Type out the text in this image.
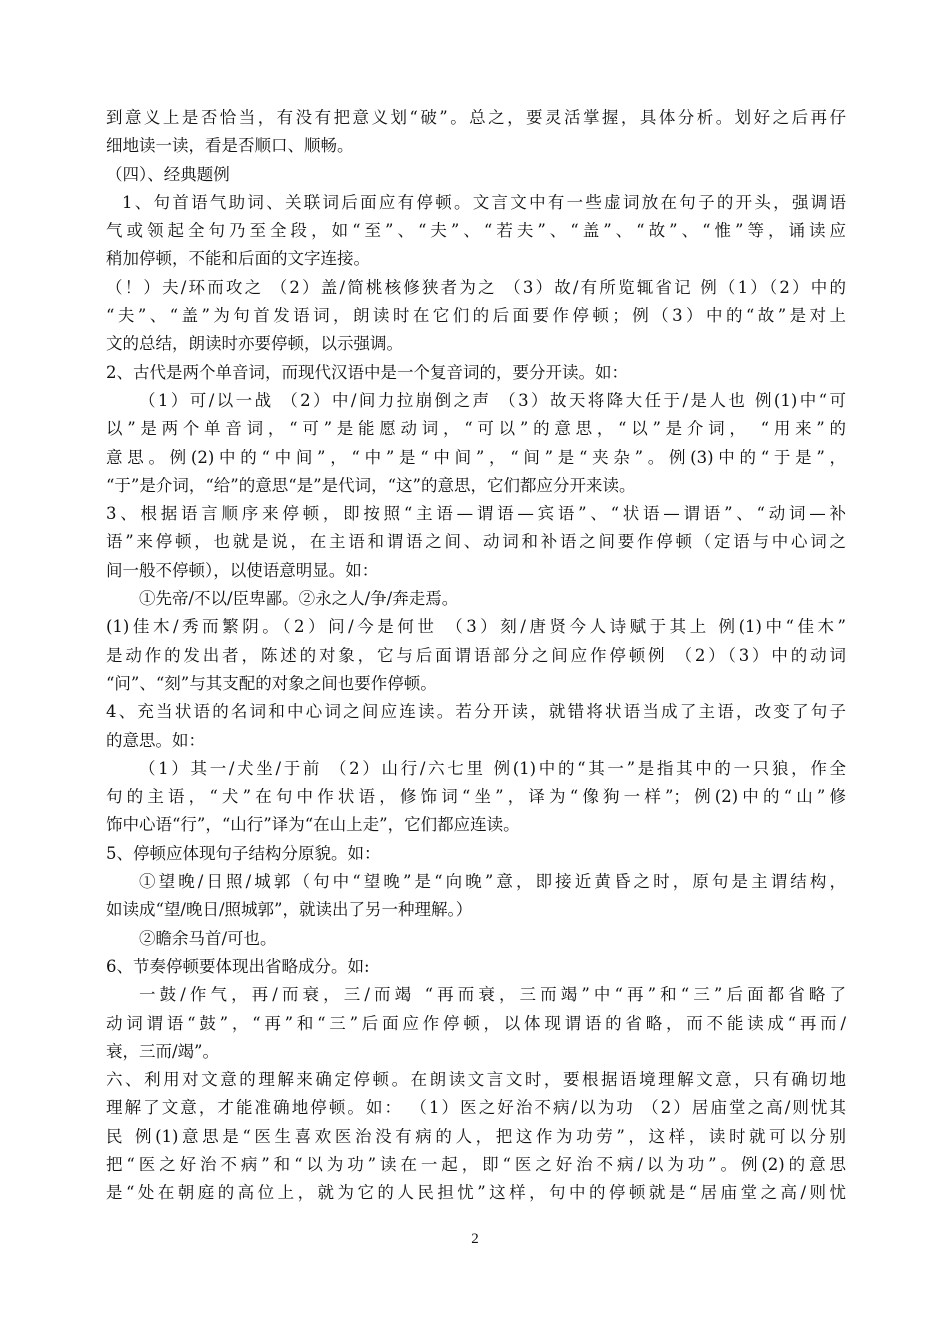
到意义上是否恰当，有没有把意义划“破”。总之，要灵活掌握，具体分析。划好之后再仔
细地读一读，看是否顺口、顺畅。
（四）、经典题例
1、句首语气助词、关联词后面应有停顿。文言文中有一些虚词放在句子的开头，强调语
气或领起全句乃至全段，如“至”、“夫”、“若夫”、“盖”、“故”、“惟”等，诵读应
稍加停顿，不能和后面的文字连接。
（！）夫/环而攻之 （2）盖/简桃核修狭者为之 （3）故/有所览辄省记 例（1）（2）中的
“夫”、“盖”为句首发语词，朗读时在它们的后面要作停顿；例（3）中的“故”是对上
文的总结，朗读时亦要停顿，以示强调。
2、古代是两个单音词，而现代汉语中是一个复音词的，要分开读。如：
（1）可/以一战 （2）中/间力拉崩倒之声 （3）故天将降大任于/是人也 例(1)中“可
以”是两个单音词，“可”是能愿动词，“可以”的意思，“以”是介词， “用来”的
意思。例(2)中的“中间”，“中”是“中间”，“间”是“夹杂”。例(3)中的“于是”，
“于”是介词，“给”的意思“是”是代词，“这”的意思，它们都应分开来读。
3、根据语言顺序来停顿，即按照“主语—谓语—宾语”、“状语—谓语”、“动词—补
语”来停顿，也就是说，在主语和谓语之间、动词和补语之间要作停顿（定语与中心词之
间一般不停顿），以使语意明显。如：
①先帝/不以/臣卑鄙。②永之人/争/奔走焉。
(1)佳木/秀而繁阴。（2）问/今是何世 （3）刻/唐贤今人诗赋于其上 例(1)中“佳木”
是动作的发出者，陈述的对象，它与后面谓语部分之间应作停顿例 （2）（3）中的动词
“问”、“刻”与其支配的对象之间也要作停顿。
4、充当状语的名词和中心词之间应连读。若分开读，就错将状语当成了主语，改变了句子
的意思。如：
（1）其一/犬坐/于前 （2）山行/六七里 例(1)中的“其一”是指其中的一只狼，作全
句的主语，“犬”在句中作状语，修饰词“坐”，译为“像狗一样”；例(2)中的“山”修
饰中心语“行”，“山行”译为“在山上走”，它们都应连读。
5、停顿应体现句子结构分原貌。如：
①望晚/日照/城郭（句中“望晚”是“向晚”意，即接近黄昏之时，原句是主谓结构，
如读成“望/晚日/照城郭”，就读出了另一种理解。）
②瞻余马首/可也。
6、节奏停顿要体现出省略成分。如:
一鼓/作气，再/而衰，三/而竭 “再而衰，三而竭”中“再”和“三”后面都省略了
动词谓语“鼓”，“再”和“三”后面应作停顿，以体现谓语的省略，而不能读成“再而/
衰，三而/竭”。
六、利用对文意的理解来确定停顿。在朗读文言文时，要根据语境理解文意，只有确切地
理解了文意，才能准确地停顿。如： （1）医之好治不病/以为功 （2）居庙堂之高/则忧其
民 例(1)意思是“医生喜欢医治没有病的人，把这作为功劳”，这样，读时就可以分别
把“医之好治不病”和“以为功”读在一起，即“医之好治不病/以为功”。例(2)的意思
是“处在朝庭的高位上，就为它的人民担忧”这样，句中的停顿就是“居庙堂之高/则忧
2
